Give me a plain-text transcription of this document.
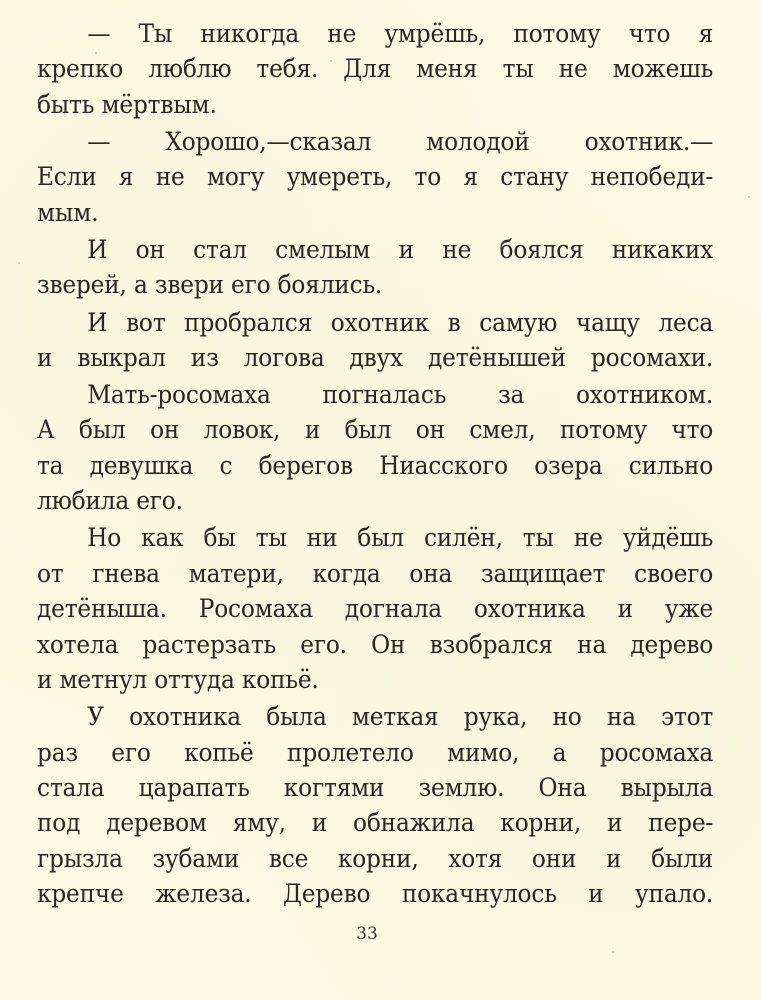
— Ты никогда не умрёшь, потому что я
крепко люблю тебя. Для меня ты не можешь
быть мёртвым.

— Хорошо,—сказал молодой охотник.—
Если я не могу умереть, то я стану непобеди-
мым.

И он стал смелым и не боялся никаких
зверей, а звери его боялись.

И вот пробрался охотник в самую чащу леса
и выкрал из логова двух детёнышей росомахи.

Мать-росомаха погналась за охотником.
А был он ловок, и был он смел, потому что
та девушка с берегов Ниасского озера сильно
любила его.

Но как бы ты ни был силён, ты не уйдёшь
от гнева матери, когда она защищает своего
детёныша. Росомаха догнала охотника и уже
хотела растерзать его. Он взобрался на дерево
и метнул оттуда копьё.

У охотника была меткая рука, но на этот
раз его копьё пролетело мимо, а росомаха
стала царапать когтями землю. Она вырыла
под деревом яму, и обнажила корни, и пере-
грызла зубами все корни, хотя они и были
крепче железа. Дерево покачнулось и упало.

33
